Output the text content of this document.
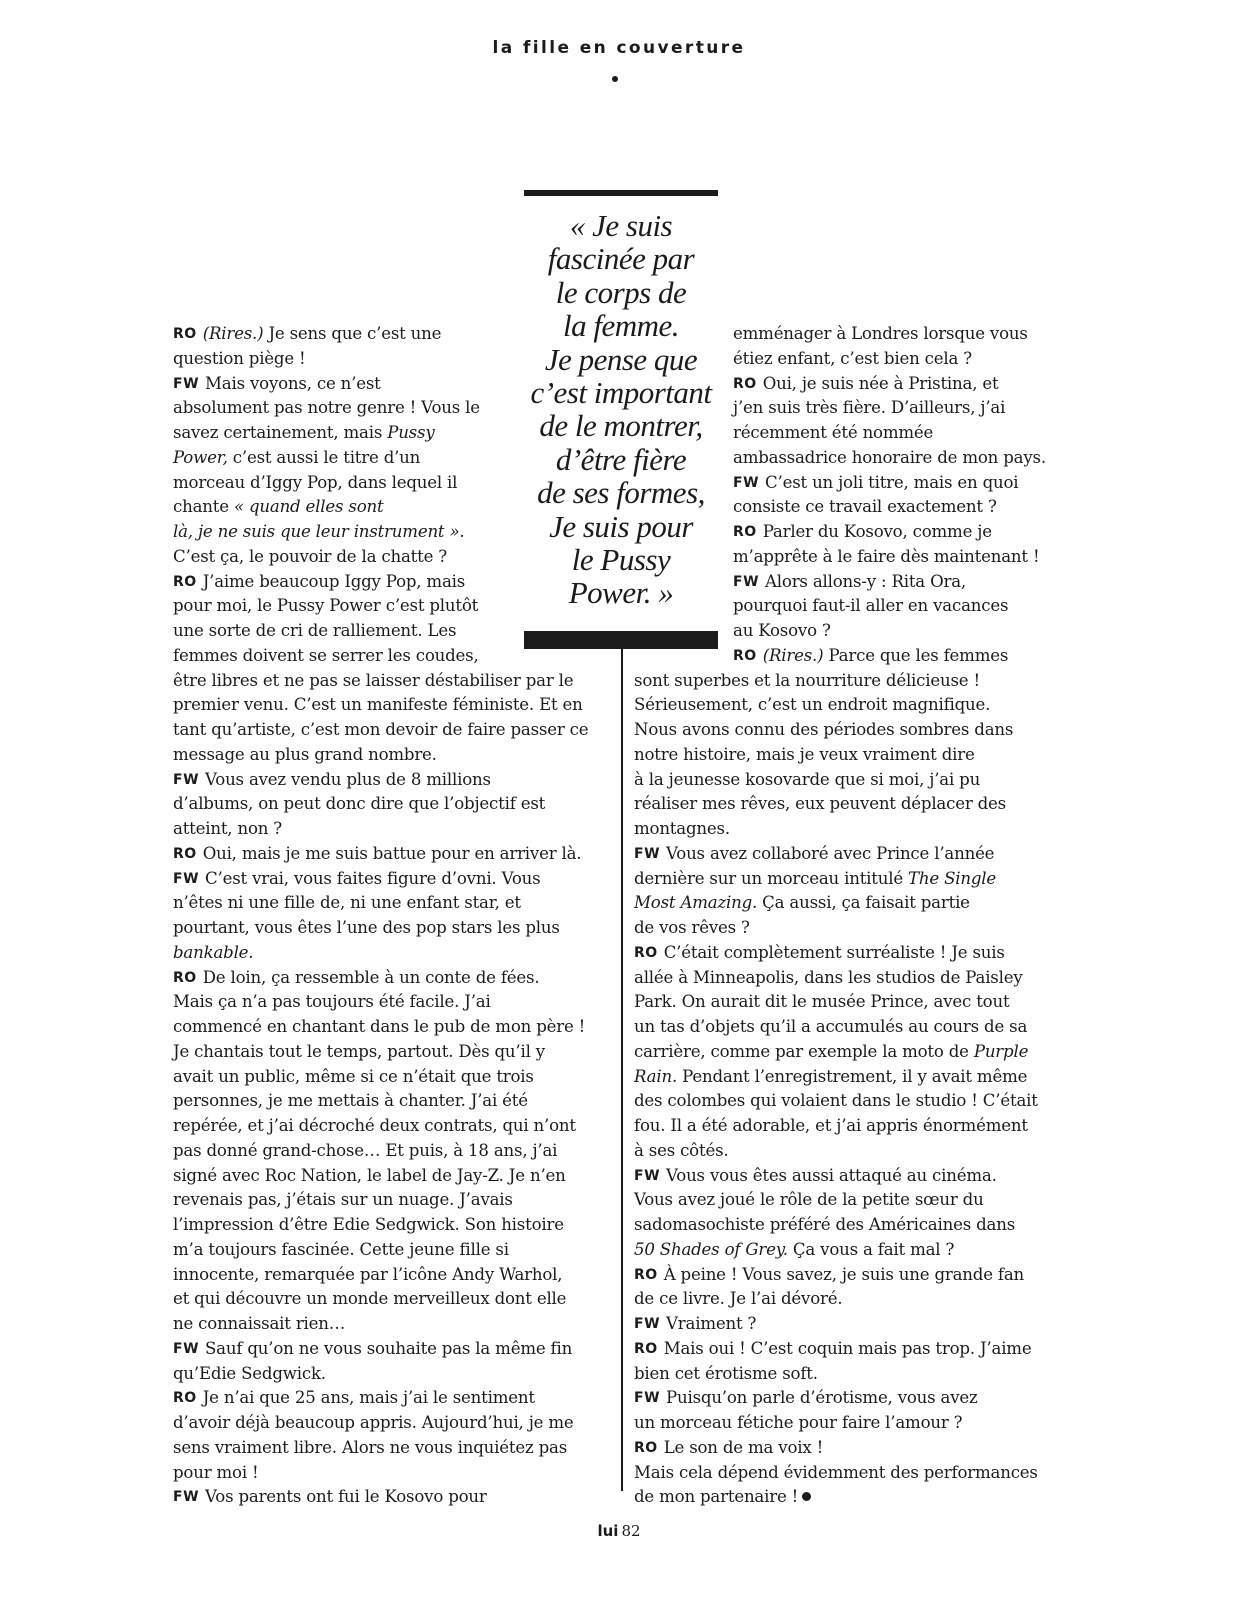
la fille en couverture
« Je suis
fascinée par
le corps de
la femme.
Je pense que
c’est important
de le montrer,
d’être fière
de ses formes,
Je suis pour
le Pussy
Power. »
RO (Rires.) Je sens que c’est une
question piège !
FW Mais voyons, ce n’est
absolument pas notre genre ! Vous le
savez certainement, mais Pussy
Power, c’est aussi le titre d’un
morceau d’Iggy Pop, dans lequel il
chante « quand elles sont
là, je ne suis que leur instrument ».
C’est ça, le pouvoir de la chatte ?
RO J’aime beaucoup Iggy Pop, mais
pour moi, le Pussy Power c’est plutôt
une sorte de cri de ralliement. Les
femmes doivent se serrer les coudes,
être libres et ne pas se laisser déstabiliser par le
premier venu. C’est un manifeste féministe. Et en
tant qu’artiste, c’est mon devoir de faire passer ce
message au plus grand nombre.
FW Vous avez vendu plus de 8 millions
d’albums, on peut donc dire que l’objectif est
atteint, non ?
RO Oui, mais je me suis battue pour en arriver là.
FW C’est vrai, vous faites figure d’ovni. Vous
n’êtes ni une fille de, ni une enfant star, et
pourtant, vous êtes l’une des pop stars les plus
bankable.
RO De loin, ça ressemble à un conte de fées.
Mais ça n’a pas toujours été facile. J’ai
commencé en chantant dans le pub de mon père !
Je chantais tout le temps, partout. Dès qu’il y
avait un public, même si ce n’était que trois
personnes, je me mettais à chanter. J’ai été
repérée, et j’ai décroché deux contrats, qui n’ont
pas donné grand-chose… Et puis, à 18 ans, j’ai
signé avec Roc Nation, le label de Jay-Z. Je n’en
revenais pas, j’étais sur un nuage. J’avais
l’impression d’être Edie Sedgwick. Son histoire
m’a toujours fascinée. Cette jeune fille si
innocente, remarquée par l’icône Andy Warhol,
et qui découvre un monde merveilleux dont elle
ne connaissait rien…
FW Sauf qu’on ne vous souhaite pas la même fin
qu’Edie Sedgwick.
RO Je n’ai que 25 ans, mais j’ai le sentiment
d’avoir déjà beaucoup appris. Aujourd’hui, je me
sens vraiment libre. Alors ne vous inquiétez pas
pour moi !
FW Vos parents ont fui le Kosovo pour
emménager à Londres lorsque vous
étiez enfant, c’est bien cela ?
RO Oui, je suis née à Pristina, et
j’en suis très fière. D’ailleurs, j’ai
récemment été nommée
ambassadrice honoraire de mon pays.
FW C’est un joli titre, mais en quoi
consiste ce travail exactement ?
RO Parler du Kosovo, comme je
m’apprête à le faire dès maintenant !
FW Alors allons-y : Rita Ora,
pourquoi faut-il aller en vacances
au Kosovo ?
RO (Rires.) Parce que les femmes
sont superbes et la nourriture délicieuse !
Sérieusement, c’est un endroit magnifique.
Nous avons connu des périodes sombres dans
notre histoire, mais je veux vraiment dire
à la jeunesse kosovarde que si moi, j’ai pu
réaliser mes rêves, eux peuvent déplacer des
montagnes.
FW Vous avez collaboré avec Prince l’année
dernière sur un morceau intitulé The Single
Most Amazing. Ça aussi, ça faisait partie
de vos rêves ?
RO C’était complètement surréaliste ! Je suis
allée à Minneapolis, dans les studios de Paisley
Park. On aurait dit le musée Prince, avec tout
un tas d’objets qu’il a accumulés au cours de sa
carrière, comme par exemple la moto de Purple
Rain. Pendant l’enregistrement, il y avait même
des colombes qui volaient dans le studio ! C’était
fou. Il a été adorable, et j’ai appris énormément
à ses côtés.
FW Vous vous êtes aussi attaqué au cinéma.
Vous avez joué le rôle de la petite sœur du
sadomasochiste préféré des Américaines dans
50 Shades of Grey. Ça vous a fait mal ?
RO À peine ! Vous savez, je suis une grande fan
de ce livre. Je l’ai dévoré.
FW Vraiment ?
RO Mais oui ! C’est coquin mais pas trop. J’aime
bien cet érotisme soft.
FW Puisqu’on parle d’érotisme, vous avez
un morceau fétiche pour faire l’amour ?
RO Le son de ma voix !
Mais cela dépend évidemment des performances
de mon partenaire !
lui 82
